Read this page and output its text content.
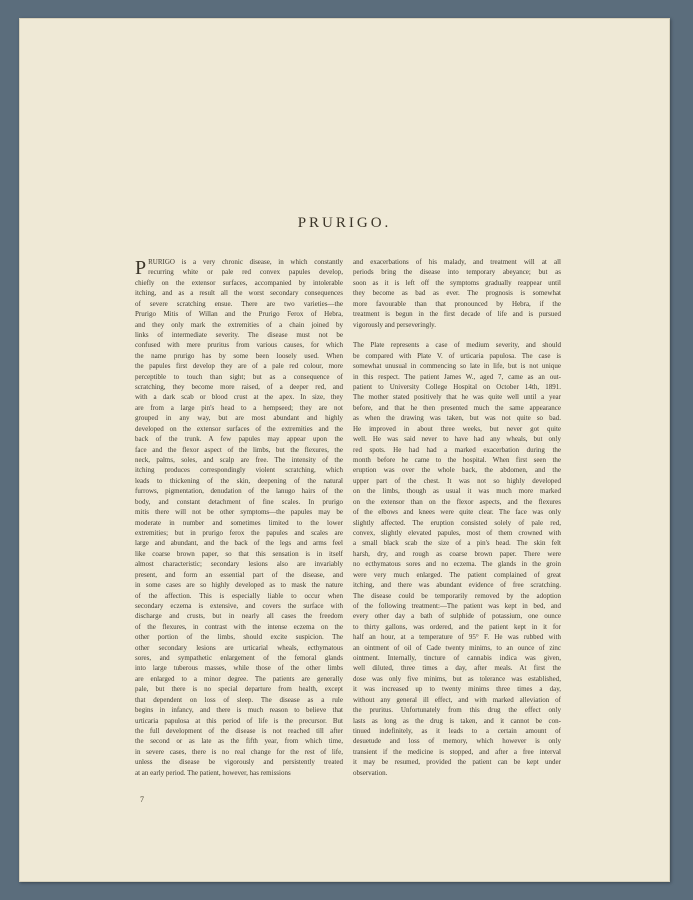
PRURIGO.

PRURIGO is a very chronic disease, in which constantly

recurring white or pale red convex papules develop,

chiefly on the extensor surfaces, accompanied by intolerable

itching, and as a result all the worst secondary consequences

of severe scratching ensue. There are two varieties—the

Prurigo Mitis of Willan and the Prurigo Ferox of Hebra,

and they only mark the extremities of a chain joined by

links of intermediate severity. The disease must not be

confused with mere pruritus from various causes, for which

the name prurigo has by some been loosely used. When

the papules first develop they are of a pale red colour, more

perceptible to touch than sight; but as a consequence of

scratching, they become more raised, of a deeper red, and

with a dark scab or blood crust at the apex. In size, they

are from a large pin's head to a hempseed; they are not

grouped in any way, but are most abundant and highly

developed on the extensor surfaces of the extremities and the

back of the trunk. A few papules may appear upon the

face and the flexor aspect of the limbs, but the flexures, the

neck, palms, soles, and scalp are free. The intensity of the

itching produces correspondingly violent scratching, which

leads to thickening of the skin, deepening of the natural

furrows, pigmentation, denudation of the lanugo hairs of the

body, and constant detachment of fine scales. In prurigo

mitis there will not be other symptoms—the papules may be

moderate in number and sometimes limited to the lower

extremities; but in prurigo ferox the papules and scales are

large and abundant, and the back of the legs and arms feel

like coarse brown paper, so that this sensation is in itself

almost characteristic; secondary lesions also are invariably

present, and form an essential part of the disease, and

in some cases are so highly developed as to mask the nature

of the affection. This is especially liable to occur when

secondary eczema is extensive, and covers the surface with

discharge and crusts, but in nearly all cases the freedom

of the flexures, in contrast with the intense eczema on the

other portion of the limbs, should excite suspicion. The

other secondary lesions are urticarial wheals, ecthymatous

sores, and sympathetic enlargement of the femoral glands

into large tuberous masses, while those of the other limbs

are enlarged to a minor degree. The patients are generally

pale, but there is no special departure from health, except

that dependent on loss of sleep. The disease as a rule

begins in infancy, and there is much reason to believe that

urticaria papulosa at this period of life is the precursor. But

the full development of the disease is not reached till after

the second or as late as the fifth year, from which time,

in severe cases, there is no real change for the rest of life,

unless the disease be vigorously and persistently treated

at an early period. The patient, however, has remissions

and exacerbations of his malady, and treatment will at all

periods bring the disease into temporary abeyance; but as

soon as it is left off the symptoms gradually reappear until

they become as bad as ever. The prognosis is somewhat

more favourable than that pronounced by Hebra, if the

treatment is begun in the first decade of life and is pursued

vigorously and perseveringly.

The Plate represents a case of medium severity, and should

be compared with Plate V. of urticaria papulosa. The case is

somewhat unusual in commencing so late in life, but is not unique

in this respect. The patient James W., aged 7, came as an out-

patient to University College Hospital on October 14th, 1891.

The mother stated positively that he was quite well until a year

before, and that he then presented much the same appearance

as when the drawing was taken, but was not quite so bad.

He improved in about three weeks, but never got quite

well. He was said never to have had any wheals, but only

red spots. He had had a marked exacerbation during the

month before he came to the hospital. When first seen the

eruption was over the whole back, the abdomen, and the

upper part of the chest. It was not so highly developed

on the limbs, though as usual it was much more marked

on the extensor than on the flexor aspects, and the flexures

of the elbows and knees were quite clear. The face was only

slightly affected. The eruption consisted solely of pale red,

convex, slightly elevated papules, most of them crowned with

a small black scab the size of a pin's head. The skin felt

harsh, dry, and rough as coarse brown paper. There were

no ecthymatous sores and no eczema. The glands in the groin

were very much enlarged. The patient complained of great

itching, and there was abundant evidence of free scratching.

The disease could be temporarily removed by the adoption

of the following treatment:—The patient was kept in bed, and

every other day a bath of sulphide of potassium, one ounce

to thirty gallons, was ordered, and the patient kept in it for

half an hour, at a temperature of 95° F. He was rubbed with

an ointment of oil of Cade twenty minims, to an ounce of zinc

ointment. Internally, tincture of cannabis indica was given,

well diluted, three times a day, after meals. At first the

dose was only five minims, but as tolerance was established,

it was increased up to twenty minims three times a day,

without any general ill effect, and with marked alleviation of

the pruritus. Unfortunately from this drug the effect only

lasts as long as the drug is taken, and it cannot be con-

tinued indefinitely, as it leads to a certain amount of

desuetude and loss of memory, which however is only

transient if the medicine is stopped, and after a free interval

it may be resumed, provided the patient can be kept under

observation.

7
